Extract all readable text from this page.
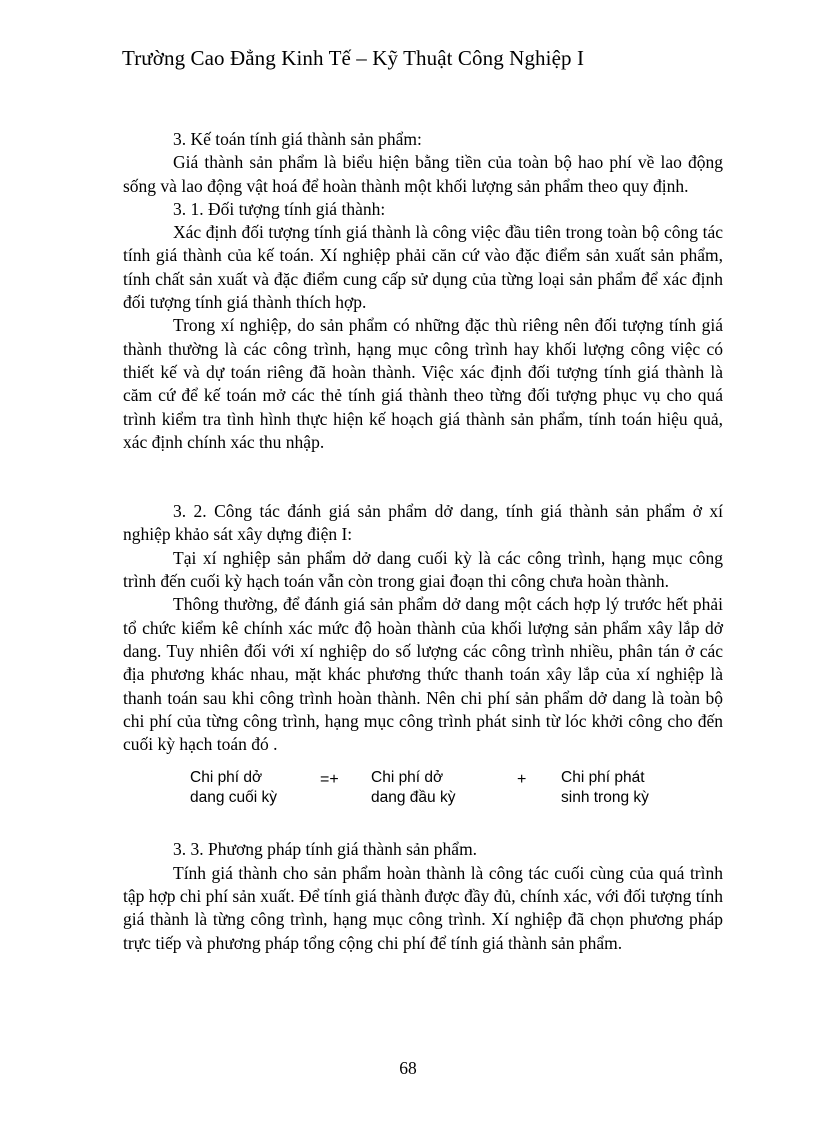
Trường Cao Đẳng Kinh Tế – Kỹ Thuật Công Nghiệp I

3. Kế toán tính giá thành sản phẩm:

Giá thành sản phẩm là biểu hiện bằng tiền của toàn bộ hao phí về lao động sống và lao động vật hoá để hoàn thành một khối lượng sản phẩm theo quy định.

3. 1. Đối tượng tính giá thành:

Xác định đối tượng tính giá thành là công việc đầu tiên trong toàn bộ công tác tính giá thành của kế toán. Xí nghiệp phải căn cứ vào đặc điểm sản xuất sản phẩm, tính chất sản xuất và đặc điểm cung cấp sử dụng của từng loại sản phẩm để xác định đối tượng tính giá thành thích hợp.

Trong xí nghiệp, do sản phẩm có những đặc thù riêng nên đối tượng tính giá thành thường là các công trình, hạng mục công trình hay khối lượng công việc có thiết kế và dự toán riêng đã hoàn thành. Việc xác định đối tượng tính giá thành là căm cứ để kế toán mở các thẻ tính giá thành theo từng đối tượng phục vụ cho quá trình kiểm tra tình hình thực hiện kế hoạch giá thành sản phẩm, tính toán hiệu quả, xác định chính xác thu nhập.

3. 2. Công tác đánh giá sản phẩm dở dang, tính giá thành sản phẩm ở xí nghiệp khảo sát xây dựng điện I:

Tại xí nghiệp sản phẩm dở dang cuối kỳ là các công trình, hạng mục công trình đến cuối kỳ hạch toán vẫn còn trong giai đoạn thi công chưa hoàn thành.

Thông thường, để đánh giá sản phẩm dở dang một cách hợp lý trước hết phải tổ chức kiểm kê chính xác mức độ hoàn thành của khối lượng sản phẩm xây lắp dở dang. Tuy nhiên đối với xí nghiệp do số lượng các công trình nhiều, phân tán ở các địa phương khác nhau, mặt khác phương thức thanh toán xây lắp của xí nghiệp là thanh toán sau khi công trình hoàn thành. Nên chi phí sản phẩm dở dang là toàn bộ chi phí của từng công trình, hạng mục công trình phát sinh từ lóc khởi công cho đến cuối kỳ hạch toán đó .

Chi phí dở
dang cuối kỳ
=+ Chi phí dở
dang đầu kỳ
+ Chi phí phát
sinh trong kỳ

3. 3. Phương pháp tính giá thành sản phẩm.

Tính giá thành cho sản phẩm hoàn thành là công tác cuối cùng của quá trình tập hợp chi phí sản xuất. Để tính giá thành được đầy đủ, chính xác, với đối tượng tính giá thành là từng công trình, hạng mục công trình. Xí nghiệp đã chọn phương pháp trực tiếp và phương pháp tổng cộng chi phí để tính giá thành sản phẩm.

68
